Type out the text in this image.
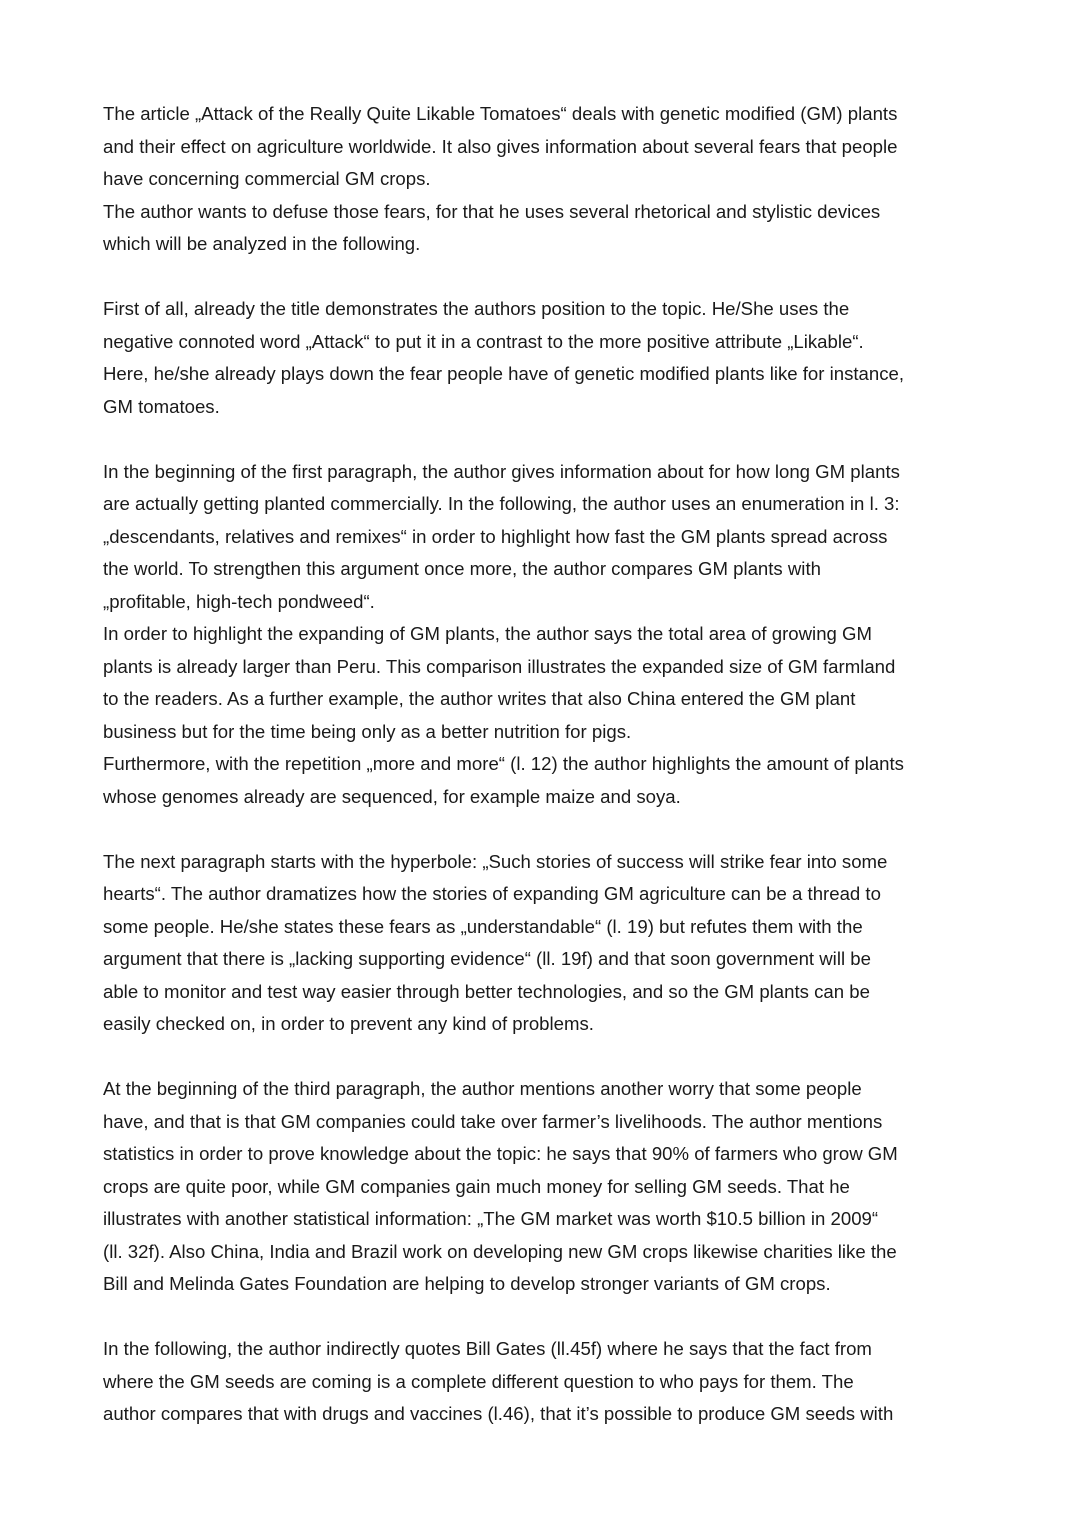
The article „Attack of the Really Quite Likable Tomatoes“ deals with genetic modified (GM) plants
and their effect on agriculture worldwide. It also gives information about several fears that people
have concerning commercial GM crops.
The author wants to defuse those fears, for that he uses several rhetorical and stylistic devices
which will be analyzed in the following.
First of all, already the title demonstrates the authors position to the topic. He/She uses the
negative connoted word „Attack“ to put it in a contrast to the more positive attribute „Likable“.
Here, he/she already plays down the fear people have of genetic modified plants like for instance,
GM tomatoes.
In the beginning of the first paragraph, the author gives information about for how long GM plants
are actually getting planted commercially. In the following, the author uses an enumeration in l. 3:
„descendants, relatives and remixes“ in order to highlight how fast the GM plants spread across
the world. To strengthen this argument once more, the author compares GM plants with
„profitable, high-tech pondweed“.
In order to highlight the expanding of GM plants, the author says the total area of growing GM
plants is already larger than Peru. This comparison illustrates the expanded size of GM farmland
to the readers. As a further example, the author writes that also China entered the GM plant
business but for the time being only as a better nutrition for pigs.
Furthermore, with the repetition „more and more“ (l. 12) the author highlights the amount of plants
whose genomes already are sequenced, for example maize and soya.
The next paragraph starts with the hyperbole: „Such stories of success will strike fear into some
hearts“. The author dramatizes how the stories of expanding GM agriculture can be a thread to
some people. He/she states these fears as „understandable“ (l. 19) but refutes them with the
argument that there is „lacking supporting evidence“ (ll. 19f) and that soon government will be
able to monitor and test way easier through better technologies, and so the GM plants can be
easily checked on, in order to prevent any kind of problems.
At the beginning of the third paragraph, the author mentions another worry that some people
have, and that is that GM companies could take over farmer’s livelihoods. The author mentions
statistics in order to prove knowledge about the topic: he says that 90% of farmers who grow GM
crops are quite poor, while GM companies gain much money for selling GM seeds. That he
illustrates with another statistical information: „The GM market was worth $10.5 billion in 2009“
(ll. 32f). Also China, India and Brazil work on developing new GM crops likewise charities like the
Bill and Melinda Gates Foundation are helping to develop stronger variants of GM crops.
In the following, the author indirectly quotes Bill Gates (ll.45f) where he says that the fact from
where the GM seeds are coming is a complete different question to who pays for them. The
author compares that with drugs and vaccines (l.46), that it’s possible to produce GM seeds with
